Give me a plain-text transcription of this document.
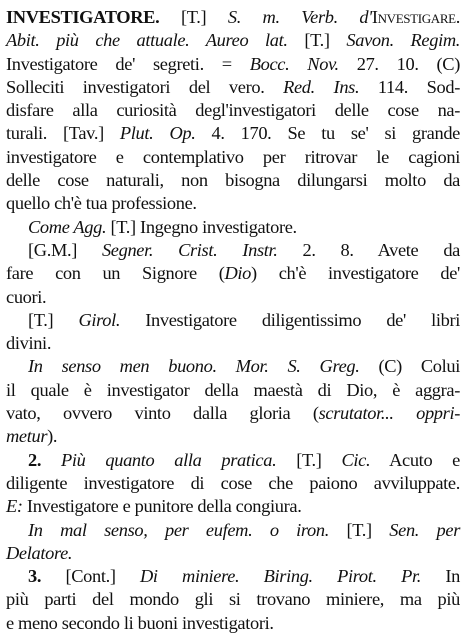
INVESTIGATORE. [T.] S. m. Verb. d'Investigare.
Abit. più che attuale. Aureo lat. [T.] Savon. Regim.
Investigatore de' segreti. = Bocc. Nov. 27. 10. (C)
Solleciti investigatori del vero. Red. Ins. 114. Sod-
disfare alla curiosità degl'investigatori delle cose na-
turali. [Tav.] Plut. Op. 4. 170. Se tu se' si grande
investigatore e contemplativo per ritrovar le cagioni
delle cose naturali, non bisogna dilungarsi molto da
quello ch'è tua professione.
Come Agg. [T.] Ingegno investigatore.
[G.M.] Segner. Crist. Instr. 2. 8. Avete da
fare con un Signore (Dio) ch'è investigatore de'
cuori.
[T.] Girol. Investigatore diligentissimo de' libri
divini.
In senso men buono. Mor. S. Greg. (C) Colui
il quale è investigator della maestà di Dio, è aggra-
vato, ovvero vinto dalla gloria (scrutator... oppri-
metur).
2. Più quanto alla pratica. [T.] Cic. Acuto e
diligente investigatore di cose che paiono avviluppate.
E: Investigatore e punitore della congiura.
In mal senso, per eufem. o iron. [T.] Sen. per
Delatore.
3. [Cont.] Di miniere. Biring. Pirot. Pr. In
più parti del mondo gli si trovano miniere, ma più
e meno secondo li buoni investigatori.
